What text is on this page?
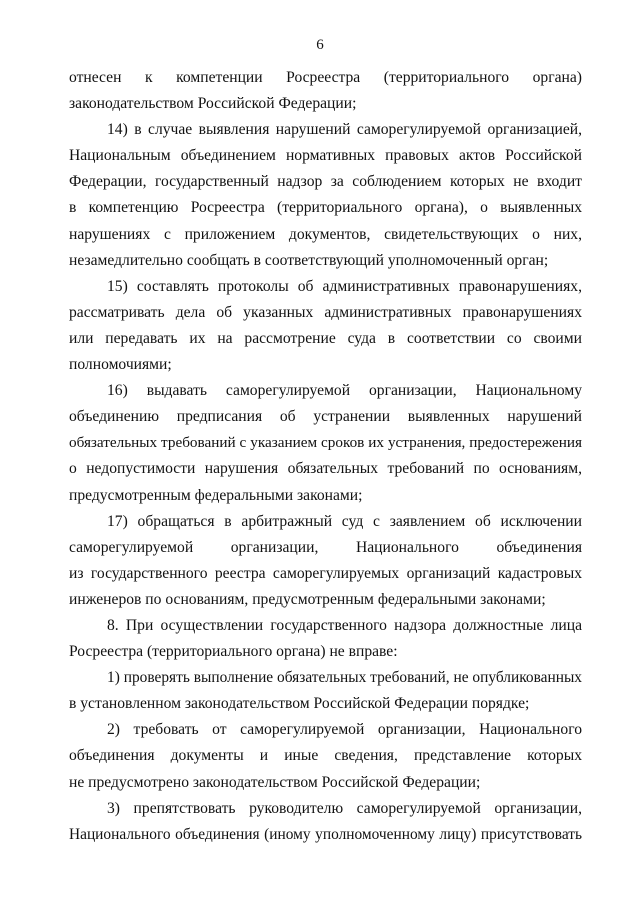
6
отнесен к компетенции Росреестра (территориального органа)
законодательством Российской Федерации;
14) в случае выявления нарушений саморегулируемой организацией,
Национальным объединением нормативных правовых актов Российской
Федерации, государственный надзор за соблюдением которых не входит
в компетенцию Росреестра (территориального органа), о выявленных
нарушениях с приложением документов, свидетельствующих о них,
незамедлительно сообщать в соответствующий уполномоченный орган;
15) составлять протоколы об административных правонарушениях,
рассматривать дела об указанных административных правонарушениях
или передавать их на рассмотрение суда в соответствии со своими
полномочиями;
16) выдавать саморегулируемой организации, Национальному
объединению предписания об устранении выявленных нарушений
обязательных требований с указанием сроков их устранения, предостережения
о недопустимости нарушения обязательных требований по основаниям,
предусмотренным федеральными законами;
17) обращаться в арбитражный суд с заявлением об исключении
саморегулируемой организации, Национального объединения
из государственного реестра саморегулируемых организаций кадастровых
инженеров по основаниям, предусмотренным федеральными законами;
8. При осуществлении государственного надзора должностные лица
Росреестра (территориального органа) не вправе:
1) проверять выполнение обязательных требований, не опубликованных
в установленном законодательством Российской Федерации порядке;
2) требовать от саморегулируемой организации, Национального
объединения документы и иные сведения, представление которых
не предусмотрено законодательством Российской Федерации;
3) препятствовать руководителю саморегулируемой организации,
Национального объединения (иному уполномоченному лицу) присутствовать
